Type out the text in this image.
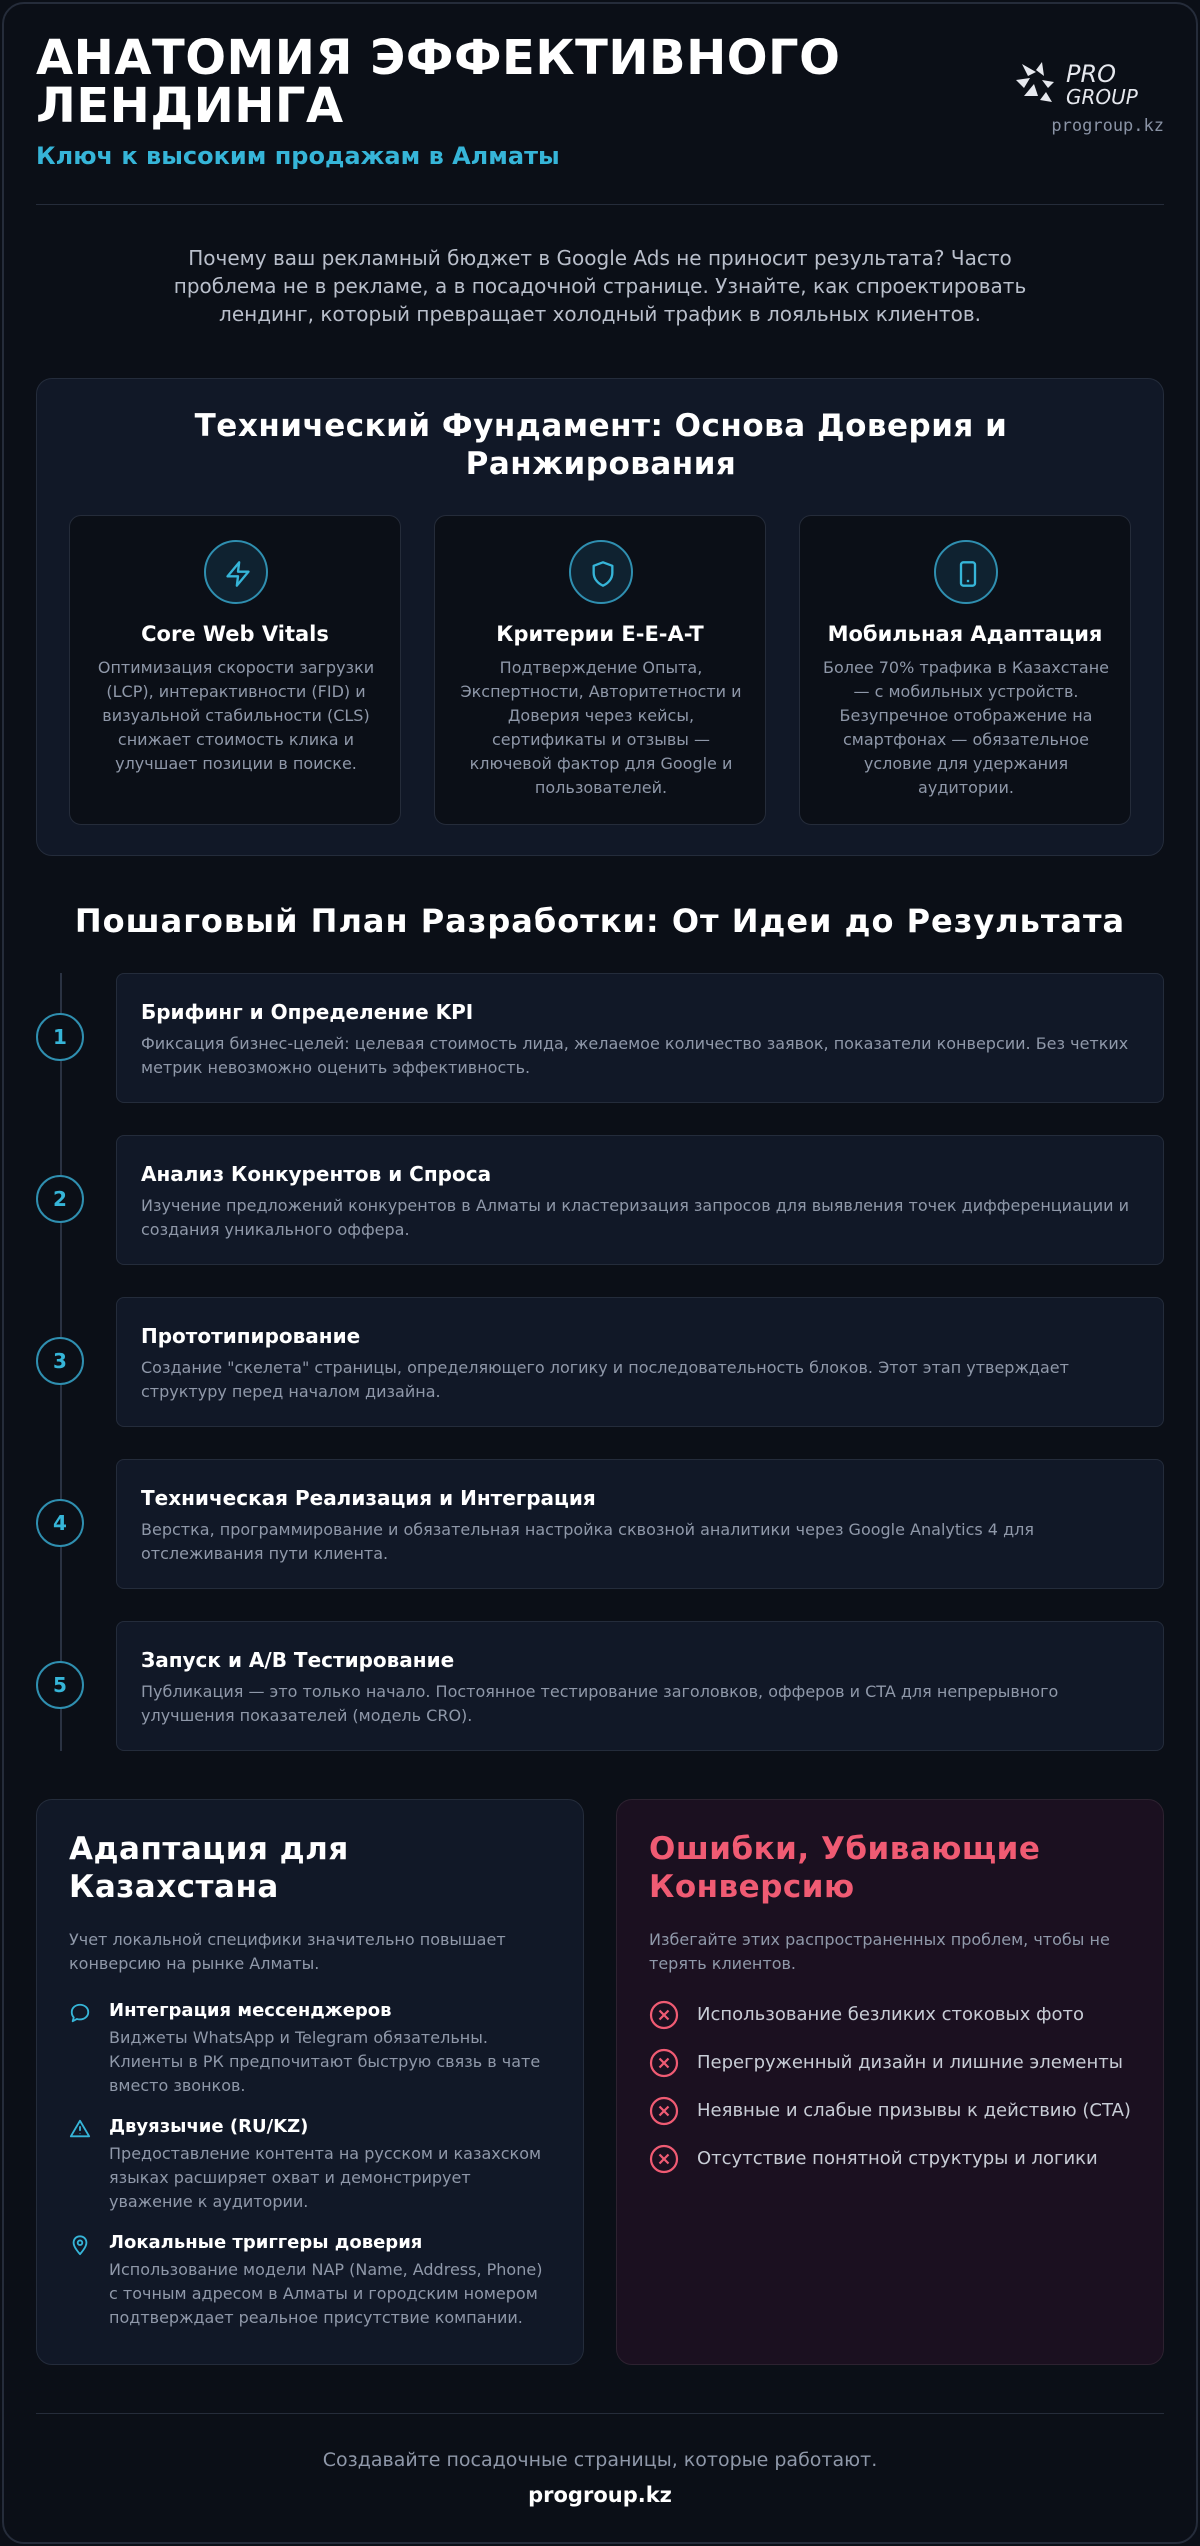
АНАТОМИЯ ЭФФЕКТИВНОГО ЛЕНДИНГА
Ключ к высоким продажам в Алматы
PRO
GROUP
progroup.kz
Почему ваш рекламный бюджет в Google Ads не приносит результата? Часто проблема не в рекламе, а в посадочной странице. Узнайте, как спроектировать лендинг, который превращает холодный трафик в лояльных клиентов.
Технический Фундамент: Основа Доверия и Ранжирования
Core Web Vitals
Оптимизация скорости загрузки (LCP), интерактивности (FID) и визуальной стабильности (CLS) снижает стоимость клика и улучшает позиции в поиске.
Критерии E-E-A-T
Подтверждение Опыта, Экспертности, Авторитетности и Доверия через кейсы, сертификаты и отзывы — ключевой фактор для Google и пользователей.
Мобильная Адаптация
Более 70% трафика в Казахстане — с мобильных устройств. Безупречное отображение на смартфонах — обязательное условие для удержания аудитории.
Пошаговый План Разработки: От Идеи до Результата
Брифинг и Определение KPI
Фиксация бизнес-целей: целевая стоимость лида, желаемое количество заявок, показатели конверсии. Без четких метрик невозможно оценить эффективность.
1
Анализ Конкурентов и Спроса
Изучение предложений конкурентов в Алматы и кластеризация запросов для выявления точек дифференциации и создания уникального оффера.
2
Прототипирование
Создание "скелета" страницы, определяющего логику и последовательность блоков. Этот этап утверждает структуру перед началом дизайна.
3
Техническая Реализация и Интеграция
Верстка, программирование и обязательная настройка сквозной аналитики через Google Analytics 4 для отслеживания пути клиента.
4
Запуск и A/B Тестирование
Публикация — это только начало. Постоянное тестирование заголовков, офферов и CTA для непрерывного улучшения показателей (модель CRO).
5
Адаптация для Казахстана
Учет локальной специфики значительно повышает конверсию на рынке Алматы.
Интеграция мессенджеров
Виджеты WhatsApp и Telegram обязательны. Клиенты в РК предпочитают быструю связь в чате вместо звонков.
Двуязычие (RU/KZ)
Предоставление контента на русском и казахском языках расширяет охват и демонстрирует уважение к аудитории.
Локальные триггеры доверия
Использование модели NAP (Name, Address, Phone) с точным адресом в Алматы и городским номером подтверждает реальное присутствие компании.
Ошибки, Убивающие Конверсию
Избегайте этих распространенных проблем, чтобы не терять клиентов.
Использование безликих стоковых фото
Перегруженный дизайн и лишние элементы
Неявные и слабые призывы к действию (CTA)
Отсутствие понятной структуры и логики
Создавайте посадочные страницы, которые работают.
progroup.kz
